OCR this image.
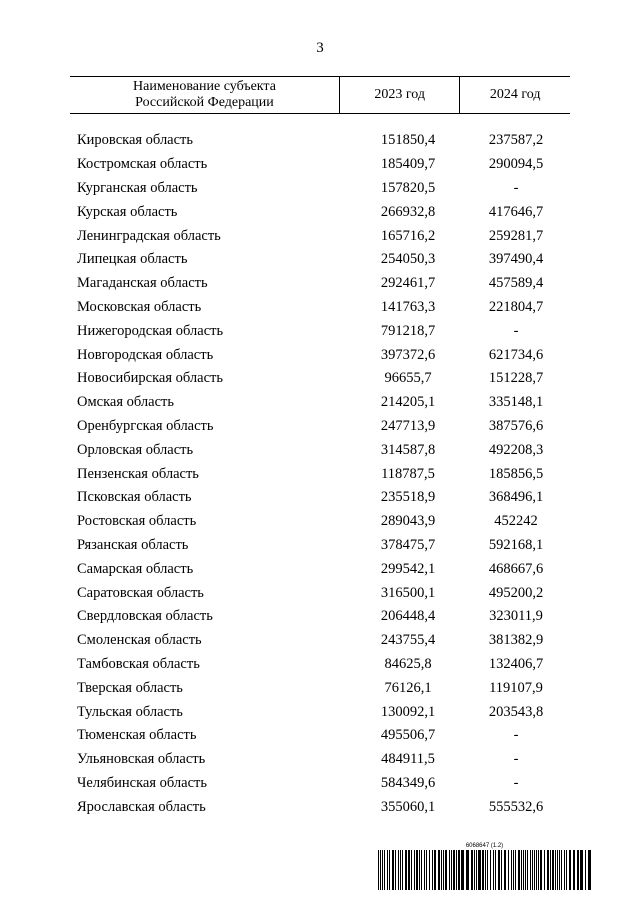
3
Наименование субъекта
Российской Федерации
2023 год	2024 год
Кировская область	151850,4	237587,2
Костромская область	185409,7	290094,5
Курганская область	157820,5	-
Курская область	266932,8	417646,7
Ленинградская область	165716,2	259281,7
Липецкая область	254050,3	397490,4
Магаданская область	292461,7	457589,4
Московская область	141763,3	221804,7
Нижегородская область	791218,7	-
Новгородская область	397372,6	621734,6
Новосибирская область	96655,7	151228,7
Омская область	214205,1	335148,1
Оренбургская область	247713,9	387576,6
Орловская область	314587,8	492208,3
Пензенская область	118787,5	185856,5
Псковская область	235518,9	368496,1
Ростовская область	289043,9	452242
Рязанская область	378475,7	592168,1
Самарская область	299542,1	468667,6
Саратовская область	316500,1	495200,2
Свердловская область	206448,4	323011,9
Смоленская область	243755,4	381382,9
Тамбовская область	84625,8	132406,7
Тверская область	76126,1	119107,9
Тульская область	130092,1	203543,8
Тюменская область	495506,7	-
Ульяновская область	484911,5	-
Челябинская область	584349,6	-
Ярославская область	355060,1	555532,6
6068647 (1.2)
